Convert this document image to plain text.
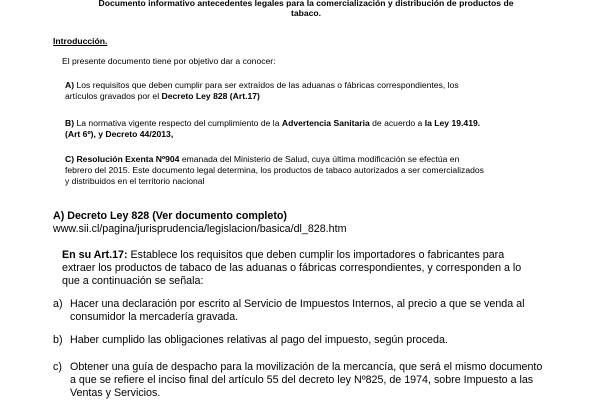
Documento informativo antecedentes legales para la comercialización y distribución de productos de

tabaco.

Introducción.

El presente documento tiene por objetivo dar a conocer:

A) Los requisitos que deben cumplir para ser extraídos de las aduanas o fábricas correspondientes, los

artículos gravados por el Decreto Ley 828 (Art.17)

B) La normativa vigente respecto del cumplimiento de la Advertencia Sanitaria de acuerdo a la Ley 19.419.

(Art 6º), y Decreto 44/2013,

C) Resolución Exenta Nº904 emanada del Ministerio de Salud, cuya última modificación se efectúa en

febrero del 2015. Este documento legal determina, los productos de tabaco autorizados a ser comercializados

y distribuidos en el territorio nacional

A) Decreto Ley 828 (Ver documento completo)

www.sii.cl/pagina/jurisprudencia/legislacion/basica/dl_828.htm

En su Art.17: Establece los requisitos que deben cumplir los importadores o fabricantes para

extraer los productos de tabaco de las aduanas o fábricas correspondientes, y corresponden a lo

que a continuación se señala:

a) Hacer una declaración por escrito al Servicio de Impuestos Internos, al precio a que se venda al

consumidor la mercadería gravada.

b) Haber cumplido las obligaciones relativas al pago del impuesto, según proceda.

c) Obtener una guía de despacho para la movilización de la mercancía, que será el mismo documento

a que se refiere el inciso final del artículo 55 del decreto ley Nº825, de 1974, sobre Impuesto a las

Ventas y Servicios.
